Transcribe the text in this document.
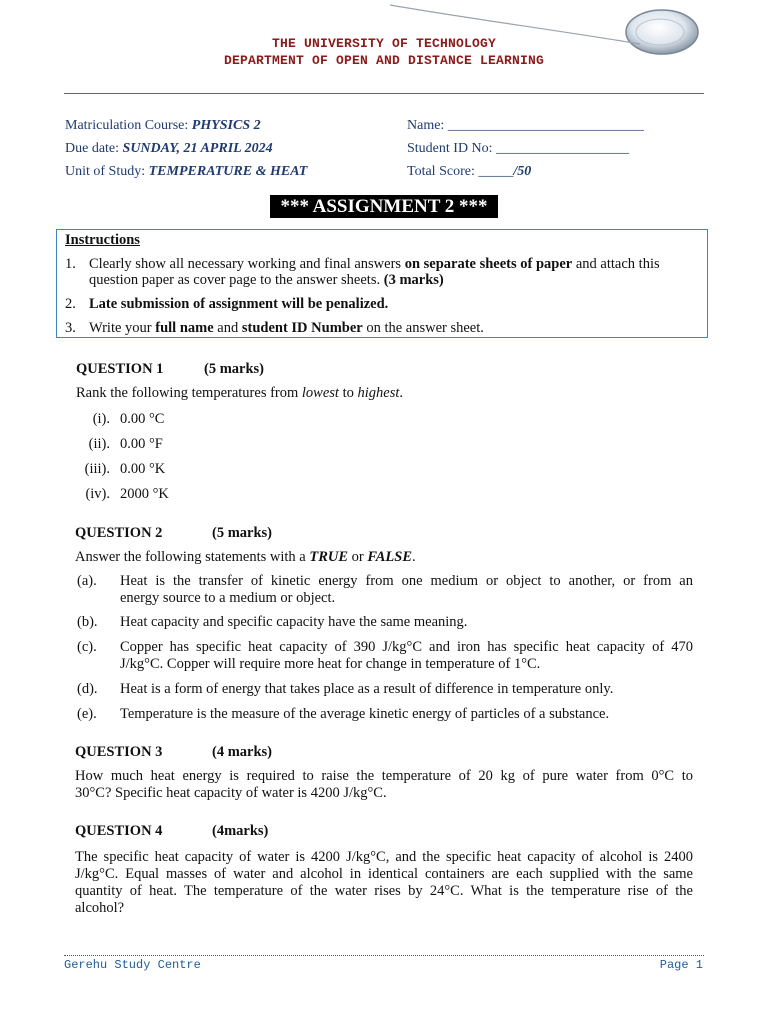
THE UNIVERSITY OF TECHNOLOGY
DEPARTMENT OF OPEN AND DISTANCE LEARNING
Matriculation Course: PHYSICS 2
Due date: SUNDAY, 21 APRIL 2024
Unit of Study: TEMPERATURE & HEAT
Name: ____________________________
Student ID No: ___________________
Total Score: _____/50
*** ASSIGNMENT 2 ***
Instructions
1. Clearly show all necessary working and final answers on separate sheets of paper and attach this
question paper as cover page to the answer sheets. (3 marks)
2. Late submission of assignment will be penalized.
3. Write your full name and student ID Number on the answer sheet.
QUESTION 1	(5 marks)
Rank the following temperatures from lowest to highest.
(i). 0.00 °C
(ii). 0.00 °F
(iii). 0.00 °K
(iv). 2000 °K
QUESTION 2	(5 marks)
Answer the following statements with a TRUE or FALSE.
(a). Heat is the transfer of kinetic energy from one medium or object to another, or from an
energy source to a medium or object.
(b). Heat capacity and specific capacity have the same meaning.
(c). Copper has specific heat capacity of 390 J/kg°C and iron has specific heat capacity of 470
J/kg°C. Copper will require more heat for change in temperature of 1°C.
(d). Heat is a form of energy that takes place as a result of difference in temperature only.
(e). Temperature is the measure of the average kinetic energy of particles of a substance.
QUESTION 3	(4 marks)
How much heat energy is required to raise the temperature of 20 kg of pure water from 0°C to
30°C? Specific heat capacity of water is 4200 J/kg°C.
QUESTION 4	(4marks)
The specific heat capacity of water is 4200 J/kg°C, and the specific heat capacity of alcohol is 2400
J/kg°C. Equal masses of water and alcohol in identical containers are each supplied with the same
quantity of heat. The temperature of the water rises by 24°C. What is the temperature rise of the
alcohol?
Gerehu Study Centre	Page 1
